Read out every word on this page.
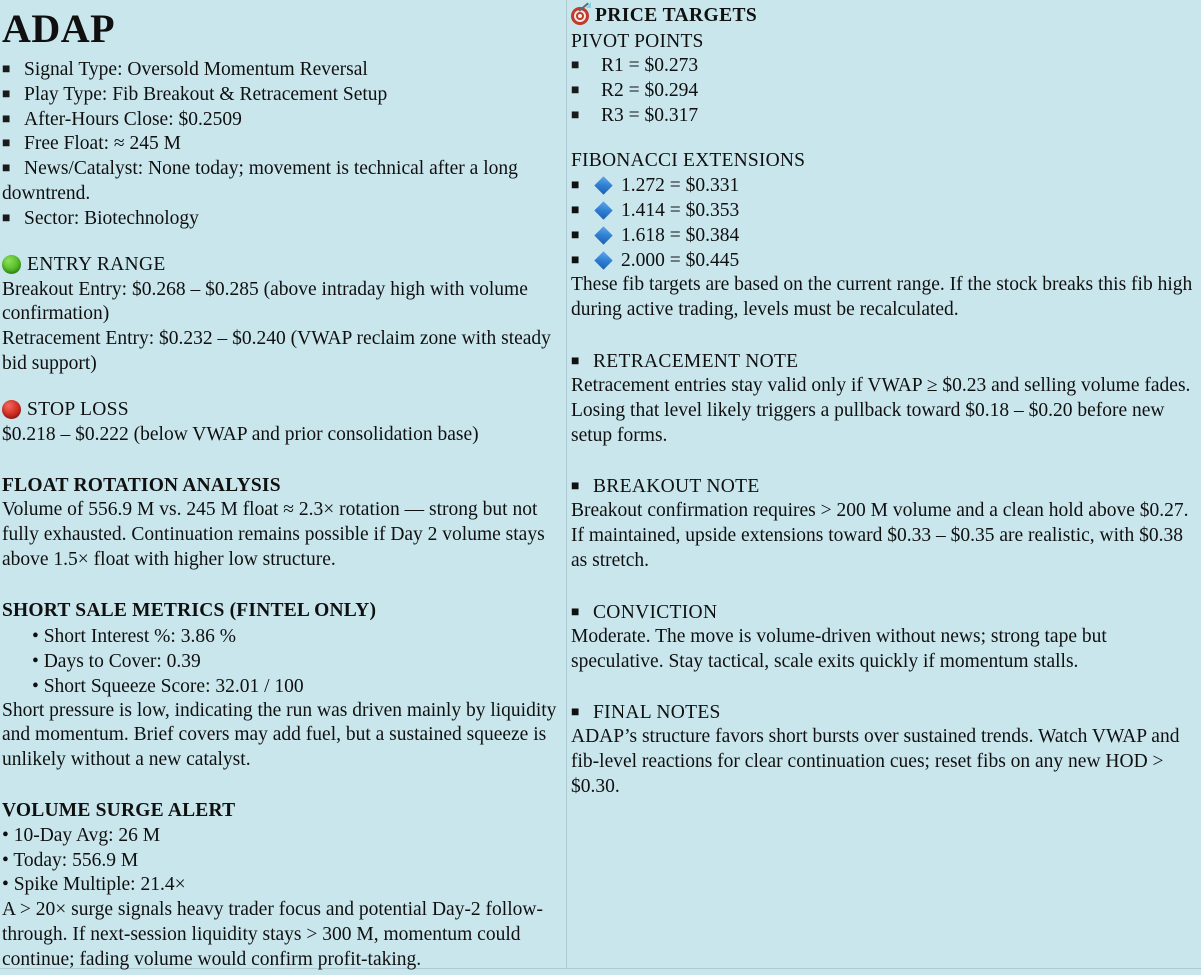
ADAP
■ Signal Type: Oversold Momentum Reversal
■ Play Type: Fib Breakout & Retracement Setup
■ After-Hours Close: $0.2509
■ Free Float: ≈ 245 M
■ News/Catalyst: None today; movement is technical after a long downtrend.
■ Sector: Biotechnology
ENTRY RANGE

Breakout Entry: $0.268 – $0.285 (above intraday high with volume confirmation)

Retracement Entry: $0.232 – $0.240 (VWAP reclaim zone with steady bid support)

STOP LOSS

$0.218 – $0.222 (below VWAP and prior consolidation base)

FLOAT ROTATION ANALYSIS

Volume of 556.9 M vs. 245 M float ≈ 2.3× rotation — strong but not fully exhausted. Continuation remains possible if Day 2 volume stays above 1.5× float with higher low structure.

SHORT SALE METRICS (FINTEL ONLY)

• Short Interest %: 3.86 %
• Days to Cover: 0.39
• Short Squeeze Score: 32.01 / 100

Short pressure is low, indicating the run was driven mainly by liquidity and momentum. Brief covers may add fuel, but a sustained squeeze is unlikely without a new catalyst.

VOLUME SURGE ALERT

• 10-Day Avg: 26 M
• Today: 556.9 M
• Spike Multiple: 21.4×

A > 20× surge signals heavy trader focus and potential Day-2 follow-through. If next-session liquidity stays > 300 M, momentum could continue; fading volume would confirm profit-taking.

PRICE TARGETS

PIVOT POINTS

■ R1 = $0.273
■ R2 = $0.294
■ R3 = $0.317

FIBONACCI EXTENSIONS

■ 1.272 = $0.331
■ 1.414 = $0.353
■ 1.618 = $0.384
■ 2.000 = $0.445

These fib targets are based on the current range. If the stock breaks this fib high during active trading, levels must be recalculated.

■ RETRACEMENT NOTE

Retracement entries stay valid only if VWAP ≥ $0.23 and selling volume fades. Losing that level likely triggers a pullback toward $0.18 – $0.20 before new setup forms.

■ BREAKOUT NOTE

Breakout confirmation requires > 200 M volume and a clean hold above $0.27. If maintained, upside extensions toward $0.33 – $0.35 are realistic, with $0.38 as stretch.

■ CONVICTION

Moderate. The move is volume-driven without news; strong tape but speculative. Stay tactical, scale exits quickly if momentum stalls.

■ FINAL NOTES

ADAP’s structure favors short bursts over sustained trends. Watch VWAP and fib-level reactions for clear continuation cues; reset fibs on any new HOD > $0.30.
